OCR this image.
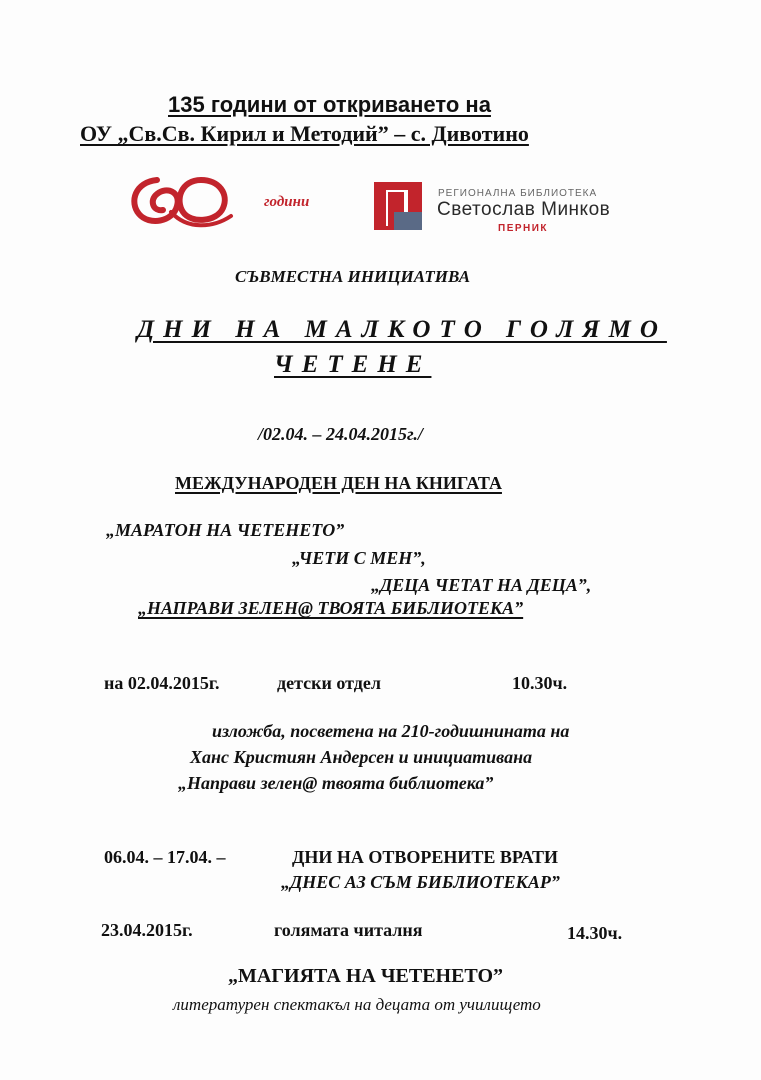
135 години от откриването на
ОУ „Св.Св. Кирил и Методий” – с. Дивотино
години
РЕГИОНАЛНА БИБЛИОТЕКА
Светослав Минков
ПЕРНИК
СЪВМЕСТНА ИНИЦИАТИВА
ДНИ НА МАЛКОТО ГОЛЯМО
ЧЕТЕНЕ
/02.04. – 24.04.2015г./
МЕЖДУНАРОДЕН ДЕН НА КНИГАТА
„МАРАТОН НА ЧЕТЕНЕТО”
„ЧЕТИ С МЕН”,
„ДЕЦА ЧЕТАТ НА ДЕЦА”,
„НАПРАВИ ЗЕЛЕН@ ТВОЯТА БИБЛИОТЕКА”
на 02.04.2015г.	детски отдел	10.30ч.
изложба, посветена на 210-годишнината на
Ханс Кристиян Андерсен и инициативана
„Направи зелен@ твоята библиотека”
06.04. – 17.04. –	ДНИ НА ОТВОРЕНИТЕ ВРАТИ
„ДНЕС АЗ СЪМ БИБЛИОТЕКАР”
23.04.2015г.	голямата читалня	14.30ч.
„МАГИЯТА НА ЧЕТЕНЕТО”
литературен спектакъл на децата от училището
